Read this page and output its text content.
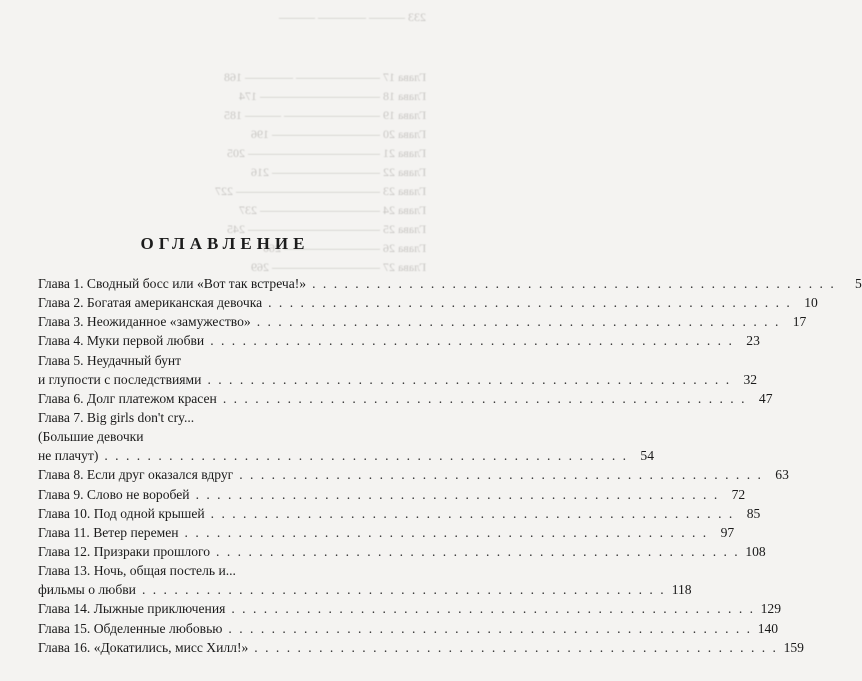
233 ——— ———— ———
Глава 17 ——————— ———— 168
Глава 18 —————————— 174
Глава 19 ———————— ——— 185
Глава 20 ————————— 196
Глава 21 ——————————— 205
Глава 22 ————————— 216
Глава 23 ———————————— 227
Глава 24 —————————— 237
Глава 25 ——————————— 245
Глава 26 ———————— 260
Глава 27 ————————— 269
ОГЛАВЛЕНИЕ
Глава 1. Сводный босс или «Вот так встреча!» . . . . . . . . . . . . . . . . . . . . . . . . . . . . . . . . . . . . . . . . . . . . . . . . .	5
Глава 2. Богатая американская девочка . . . . . . . . . . . . . . . . . . . . . . . . . . . . . . . . . . . . . . . . . . . . . . . . . 10
Глава 3. Неожиданное «замужество» . . . . . . . . . . . . . . . . . . . . . . . . . . . . . . . . . . . . . . . . . . . . . . . . . 17
Глава 4. Муки первой любви . . . . . . . . . . . . . . . . . . . . . . . . . . . . . . . . . . . . . . . . . . . . . . . . . 23
Глава 5. Неудачный бунт
и глупости с последствиями . . . . . . . . . . . . . . . . . . . . . . . . . . . . . . . . . . . . . . . . . . . . . . . . . 32
Глава 6. Долг платежом красен . . . . . . . . . . . . . . . . . . . . . . . . . . . . . . . . . . . . . . . . . . . . . . . . . 47
Глава 7. Big girls don't cry...
(Большие девочки
не плачут) . . . . . . . . . . . . . . . . . . . . . . . . . . . . . . . . . . . . . . . . . . . . . . . . . 54
Глава 8. Если друг оказался вдруг . . . . . . . . . . . . . . . . . . . . . . . . . . . . . . . . . . . . . . . . . . . . . . . . . 63
Глава 9. Слово не воробей . . . . . . . . . . . . . . . . . . . . . . . . . . . . . . . . . . . . . . . . . . . . . . . . . 72
Глава 10. Под одной крышей . . . . . . . . . . . . . . . . . . . . . . . . . . . . . . . . . . . . . . . . . . . . . . . . . 85
Глава 11. Ветер перемен . . . . . . . . . . . . . . . . . . . . . . . . . . . . . . . . . . . . . . . . . . . . . . . . . 97
Глава 12. Призраки прошлого . . . . . . . . . . . . . . . . . . . . . . . . . . . . . . . . . . . . . . . . . . . . . . . . . 108
Глава 13. Ночь, общая постель и...
фильмы о любви . . . . . . . . . . . . . . . . . . . . . . . . . . . . . . . . . . . . . . . . . . . . . . . . . 118
Глава 14. Лыжные приключения . . . . . . . . . . . . . . . . . . . . . . . . . . . . . . . . . . . . . . . . . . . . . . . . . 129
Глава 15. Обделенные любовью . . . . . . . . . . . . . . . . . . . . . . . . . . . . . . . . . . . . . . . . . . . . . . . . . 140
Глава 16. «Докатились, мисс Хилл!» . . . . . . . . . . . . . . . . . . . . . . . . . . . . . . . . . . . . . . . . . . . . . . . . . 159
